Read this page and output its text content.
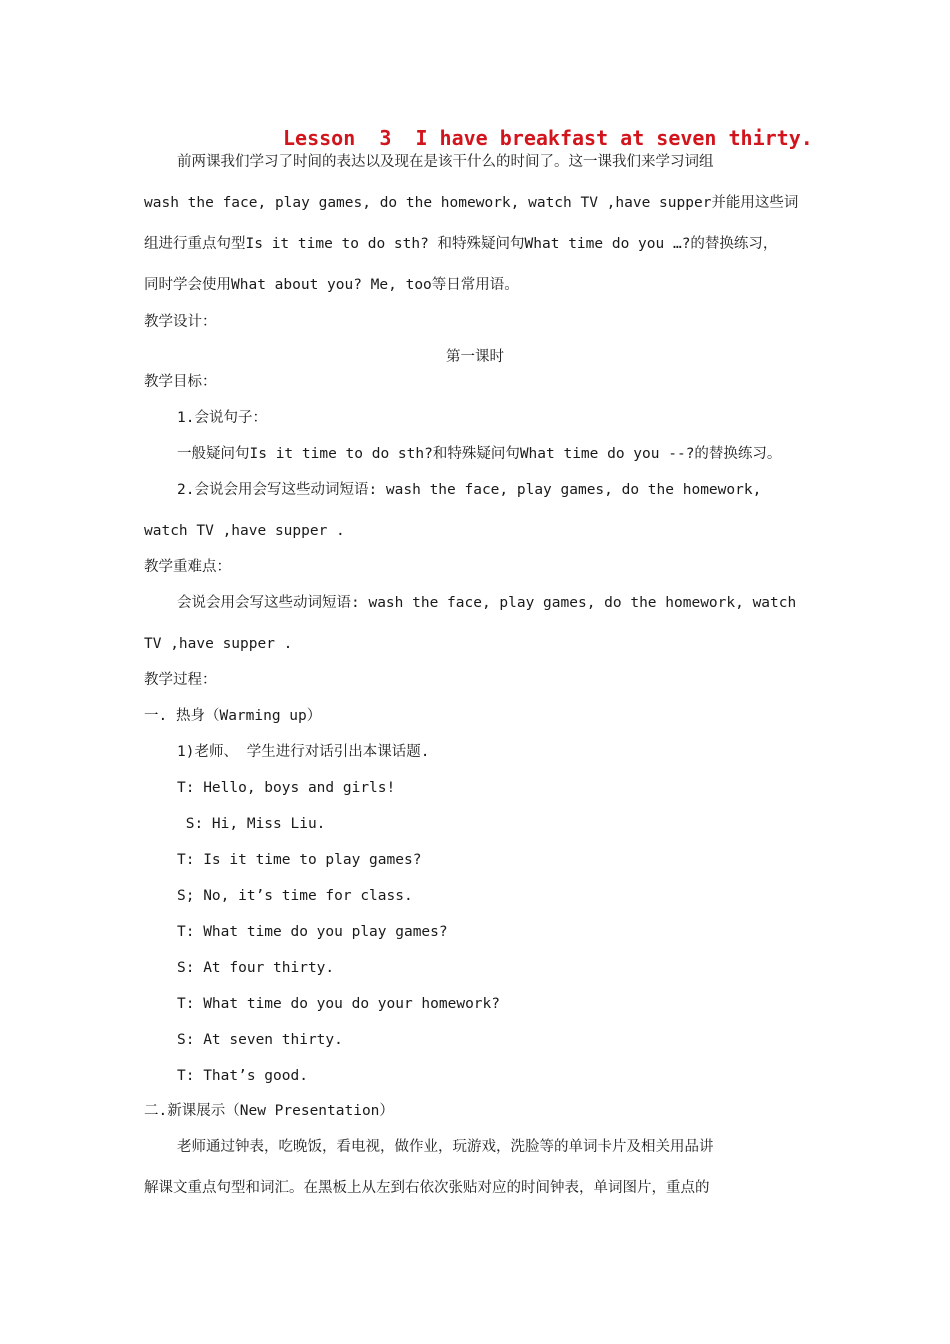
Lesson  3  I have breakfast at seven thirty.
前两课我们学习了时间的表达以及现在是该干什么的时间了。这一课我们来学习词组
wash the face, play games, do the homework, watch TV ,have supper并能用这些词
组进行重点句型Is it time to do sth? 和特殊疑问句What time do you …?的替换练习，
同时学会使用What about you? Me, too等日常用语。
教学设计：
第一课时
教学目标：
1.会说句子：
一般疑问句Is it time to do sth?和特殊疑问句What time do you --?的替换练习。
2.会说会用会写这些动词短语: wash the face, play games, do the homework,
watch TV ,have supper .
教学重难点：
会说会用会写这些动词短语: wash the face, play games, do the homework, watch
TV ,have supper .
教学过程：
一. 热身（Warming up）
1)老师、 学生进行对话引出本课话题.
T: Hello, boys and girls!
S: Hi, Miss Liu.
T: Is it time to play games?
S; No, it’s time for class.
T: What time do you play games?
S: At four thirty.
T: What time do you do your homework?
S: At seven thirty.
T: That’s good.
二.新课展示（New Presentation）
老师通过钟表，吃晚饭，看电视，做作业，玩游戏，洗脸等的单词卡片及相关用品讲
解课文重点句型和词汇。在黑板上从左到右依次张贴对应的时间钟表，单词图片，重点的
